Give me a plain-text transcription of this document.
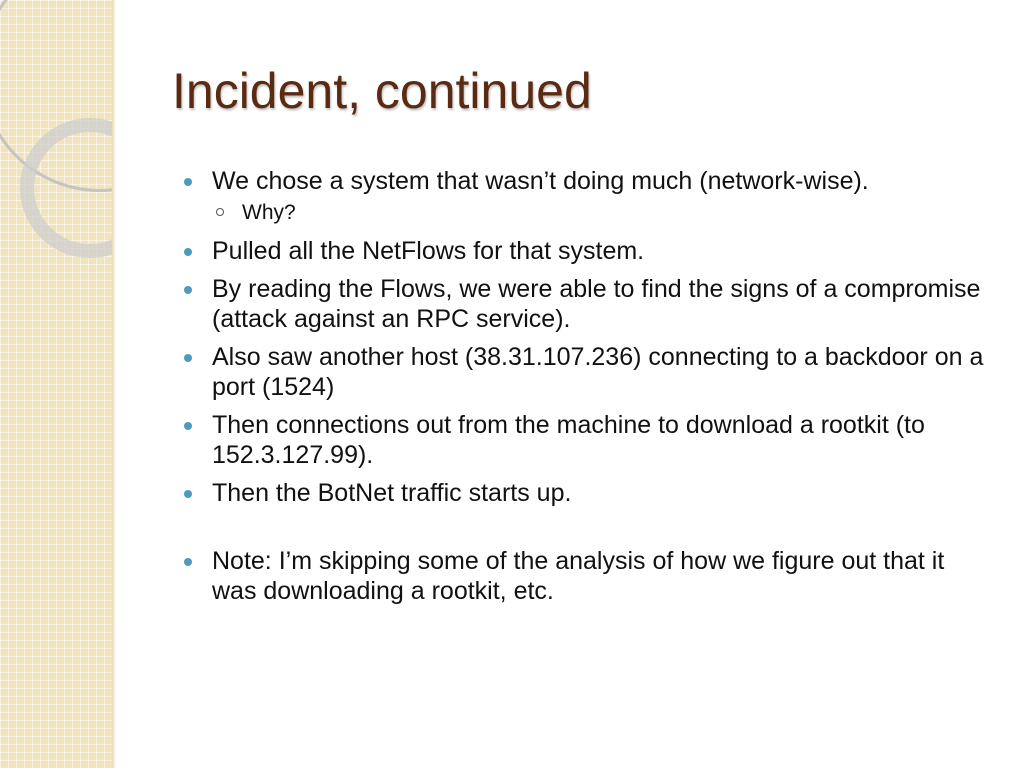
Incident, continued
We chose a system that wasn’t doing much (network-wise).
Why?
Pulled all the NetFlows for that system.
By reading the Flows, we were able to find the signs of a compromise (attack against an RPC service).
Also saw another host (38.31.107.236) connecting to a backdoor on a port (1524)
Then connections out from the machine to download a rootkit (to 152.3.127.99).
Then the BotNet traffic starts up.
Note: I’m skipping some of the analysis of how we figure out that it was downloading a rootkit, etc.
